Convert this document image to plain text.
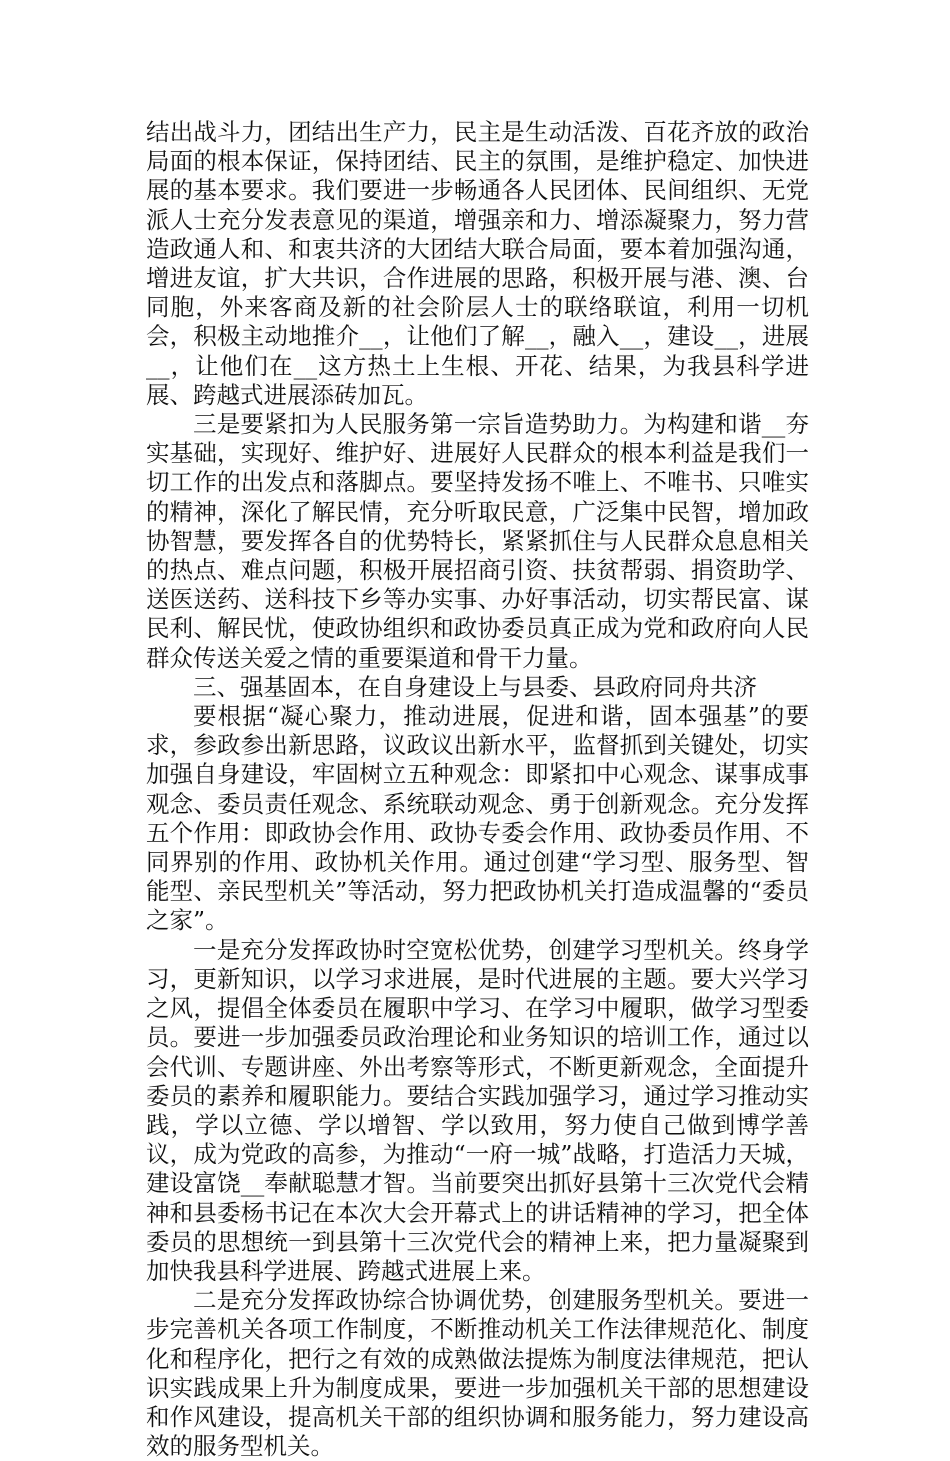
结出战斗力，团结出生产力，民主是生动活泼、百花齐放的政治局面的根本保证，保持团结、民主的氛围，是维护稳定、加快进展的基本要求。我们要进一步畅通各人民团体、民间组织、无党派人士充分发表意见的渠道，增强亲和力、增添凝聚力，努力营造政通人和、和衷共济的大团结大联合局面，要本着加强沟通，增进友谊，扩大共识，合作进展的思路，积极开展与港、澳、台同胞，外来客商及新的社会阶层人士的联络联谊，利用一切机会，积极主动地推介__，让他们了解__，融入__，建设__，进展__，让他们在__这方热土上生根、开花、结果，为我县科学进展、跨越式进展添砖加瓦。

三是要紧扣为人民服务第一宗旨造势助力。为构建和谐__夯实基础，实现好、维护好、进展好人民群众的根本利益是我们一切工作的出发点和落脚点。要坚持发扬不唯上、不唯书、只唯实的精神，深化了解民情，充分听取民意，广泛集中民智，增加政协智慧，要发挥各自的优势特长，紧紧抓住与人民群众息息相关的热点、难点问题，积极开展招商引资、扶贫帮弱、捐资助学、送医送药、送科技下乡等办实事、办好事活动，切实帮民富、谋民利、解民忧，使政协组织和政协委员真正成为党和政府向人民群众传送关爱之情的重要渠道和骨干力量。

三、强基固本，在自身建设上与县委、县政府同舟共济

要根据“凝心聚力，推动进展，促进和谐，固本强基”的要求，参政参出新思路，议政议出新水平，监督抓到关键处，切实加强自身建设，牢固树立五种观念：即紧扣中心观念、谋事成事观念、委员责任观念、系统联动观念、勇于创新观念。充分发挥五个作用：即政协会作用、政协专委会作用、政协委员作用、不同界别的作用、政协机关作用。通过创建“学习型、服务型、智能型、亲民型机关”等活动，努力把政协机关打造成温馨的“委员之家”。

一是充分发挥政协时空宽松优势，创建学习型机关。终身学习，更新知识，以学习求进展，是时代进展的主题。要大兴学习之风，提倡全体委员在履职中学习、在学习中履职，做学习型委员。要进一步加强委员政治理论和业务知识的培训工作，通过以会代训、专题讲座、外出考察等形式，不断更新观念，全面提升委员的素养和履职能力。要结合实践加强学习，通过学习推动实践，学以立德、学以增智、学以致用，努力使自己做到博学善议，成为党政的高参，为推动“一府一城”战略，打造活力天城，建设富饶__奉献聪慧才智。当前要突出抓好县第十三次党代会精神和县委杨书记在本次大会开幕式上的讲话精神的学习，把全体委员的思想统一到县第十三次党代会的精神上来，把力量凝聚到加快我县科学进展、跨越式进展上来。

二是充分发挥政协综合协调优势，创建服务型机关。要进一步完善机关各项工作制度，不断推动机关工作法律规范化、制度化和程序化，把行之有效的成熟做法提炼为制度法律规范，把认识实践成果上升为制度成果，要进一步加强机关干部的思想建设和作风建设，提高机关干部的组织协调和服务能力，努力建设高效的服务型机关。
